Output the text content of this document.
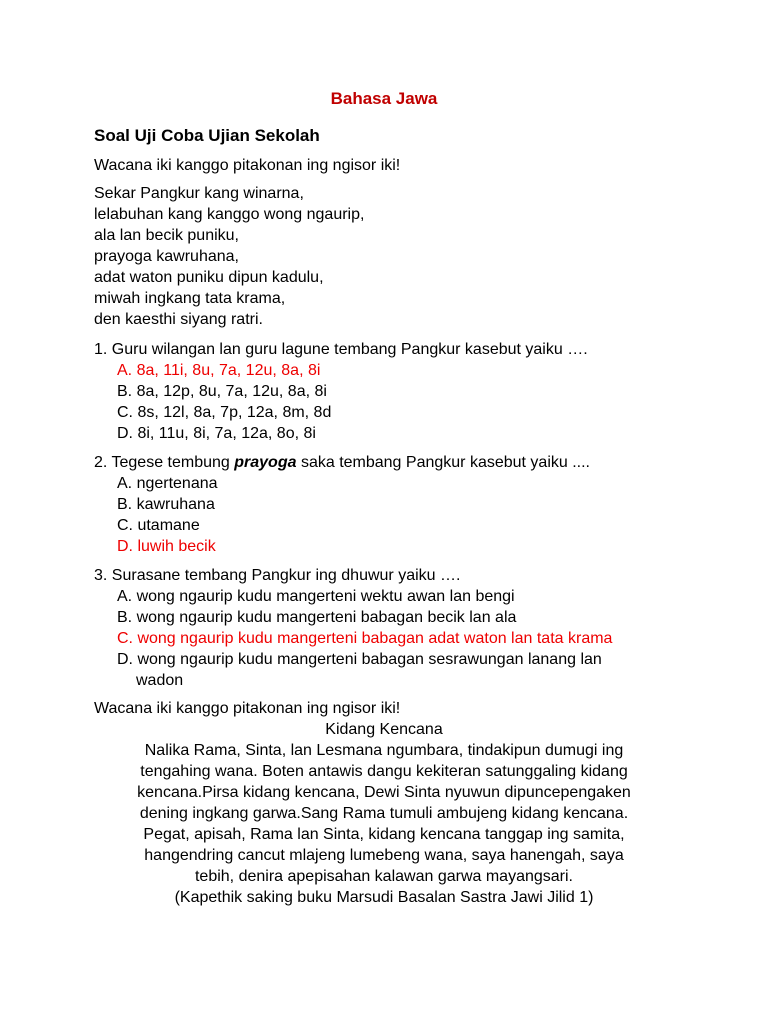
Bahasa Jawa
Soal Uji Coba Ujian Sekolah
Wacana iki kanggo pitakonan ing ngisor iki!
Sekar Pangkur kang winarna,
lelabuhan kang kanggo wong ngaurip,
ala lan becik puniku,
prayoga kawruhana,
adat waton puniku dipun kadulu,
miwah ingkang tata krama,
den kaesthi siyang ratri.
1. Guru wilangan lan guru lagune tembang Pangkur kasebut yaiku ….
A. 8a, 11i, 8u, 7a, 12u, 8a, 8i
B. 8a, 12p, 8u, 7a, 12u, 8a, 8i
C. 8s, 12l, 8a, 7p, 12a, 8m, 8d
D. 8i, 11u, 8i, 7a, 12a, 8o, 8i
2. Tegese tembung prayoga saka tembang Pangkur kasebut yaiku ....
A. ngertenana
B. kawruhana
C. utamane
D. luwih becik
3. Surasane tembang Pangkur ing dhuwur yaiku ….
A. wong ngaurip kudu mangerteni wektu awan lan bengi
B. wong ngaurip kudu mangerteni babagan becik lan ala
C. wong ngaurip kudu mangerteni babagan adat waton lan tata krama
D. wong ngaurip kudu mangerteni babagan sesrawungan lanang lan
wadon
Wacana iki kanggo pitakonan ing ngisor iki!
Kidang Kencana
Nalika Rama, Sinta, lan Lesmana ngumbara, tindakipun dumugi ing
tengahing wana. Boten antawis dangu kekiteran satunggaling kidang
kencana.Pirsa kidang kencana, Dewi Sinta nyuwun dipuncepengaken
dening ingkang garwa.Sang Rama tumuli ambujeng kidang kencana.
Pegat, apisah, Rama lan Sinta, kidang kencana tanggap ing samita,
hangendring cancut mlajeng lumebeng wana, saya hanengah, saya
tebih, denira apepisahan kalawan garwa mayangsari.
(Kapethik saking buku Marsudi Basalan Sastra Jawi Jilid 1)
